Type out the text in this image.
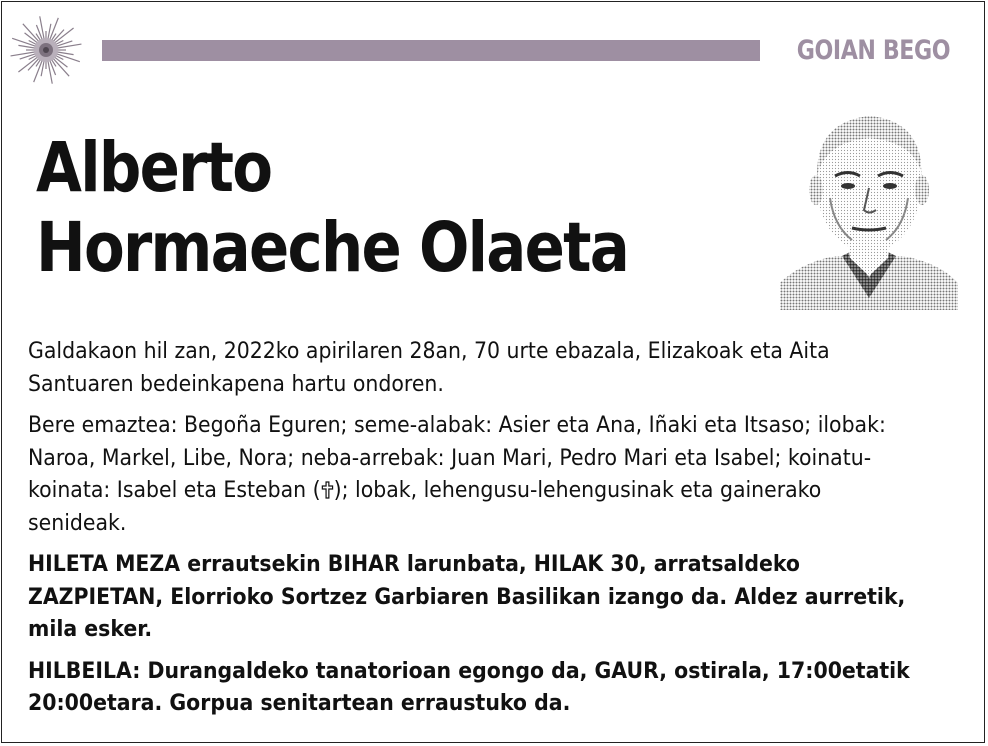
GOIAN BEGO
Alberto
Hormaeche Olaeta

Galdakaon hil zan, 2022ko apirilaren 28an, 70 urte ebazala, Elizakoak eta Aita Santuaren bedeinkapena hartu ondoren.

Bere emaztea: Begoña Eguren; seme-alabak: Asier eta Ana, Iñaki eta Itsaso; ilobak: Naroa, Markel, Libe, Nora; neba-arrebak: Juan Mari, Pedro Mari eta Isabel; koinatu-koinata: Isabel eta Esteban ( ); lobak, lehengusu-lehengusinak eta gainerako senideak.

HILETA MEZA errautsekin BIHAR larunbata, HILAK 30, arratsaldeko ZAZPIETAN, Elorrioko Sortzez Garbiaren Basilikan izango da. Aldez aurretik, mila esker.

HILBEILA: Durangaldeko tanatorioan egongo da, GAUR, ostirala, 17:00etatik 20:00etara. Gorpua senitartean erraustuko da.
